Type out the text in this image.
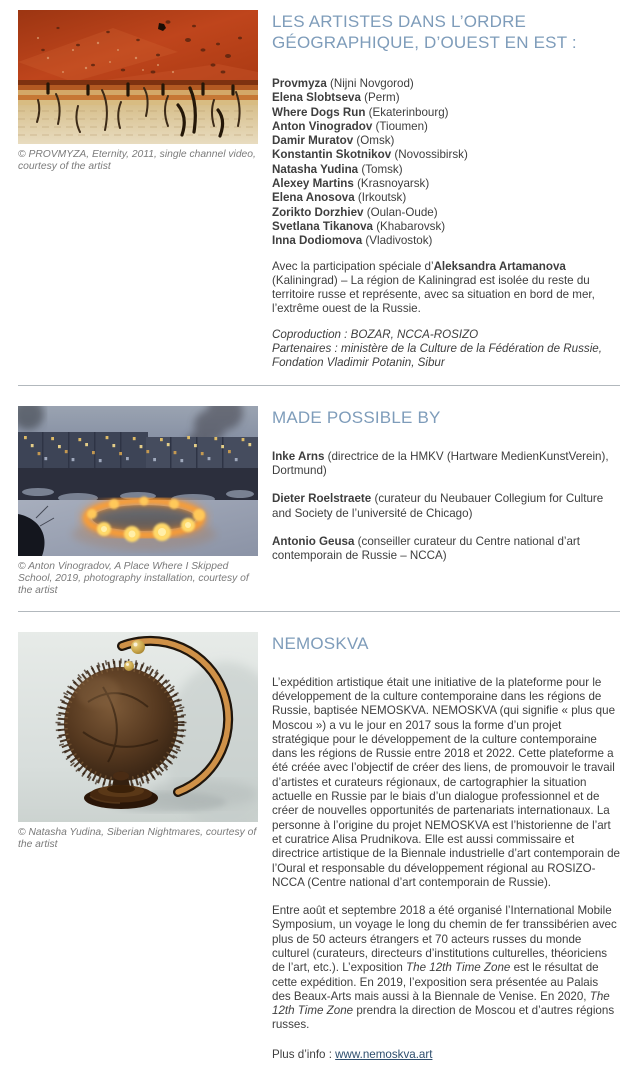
© PROVMYZA, Eternity, 2011, single channel video, courtesy of the artist
LES ARTISTES DANS L’ORDRE GÉOGRAPHIQUE, D’OUEST EN EST :
Provmyza (Nijni Novgorod)
Elena Slobtseva (Perm)
Where Dogs Run (Ekaterinbourg)
Anton Vinogradov (Tioumen)
Damir Muratov (Omsk)
Konstantin Skotnikov (Novossibirsk)
Natasha Yudina (Tomsk)
Alexey Martins (Krasnoyarsk)
Elena Anosova (Irkoutsk)
Zorikto Dorzhiev (Oulan-Oude)
Svetlana Tikanova (Khabarovsk)
Inna Dodiomova (Vladivostok)

Avec la participation spéciale d’Aleksandra Artamanova (Kaliningrad) – La région de Kaliningrad est isolée du reste du territoire russe et représente, avec sa situation en bord de mer, l’extrême ouest de la Russie.

Coproduction : BOZAR, NCCA-ROSIZO
Partenaires : ministère de la Culture de la Fédération de Russie, Fondation Vladimir Potanin, Sibur
© Anton Vinogradov, A Place Where I Skipped School, 2019, photography installation, courtesy of the artist
MADE POSSIBLE BY

Inke Arns (directrice de la HMKV (Hartware MedienKunstVerein), Dortmund)

Dieter Roelstraete (curateur du Neubauer Collegium for Culture and Society de l’université de Chicago)

Antonio Geusa (conseiller curateur du Centre national d’art contemporain de Russie – NCCA)

© Natasha Yudina, Siberian Nightmares, courtesy of the artist
NEMOSKVA

L’expédition artistique était une initiative de la plateforme pour le développement de la culture contemporaine dans les régions de Russie, baptisée NEMOSKVA. NEMOSKVA (qui signifie « plus que Moscou ») a vu le jour en 2017 sous la forme d’un projet stratégique pour le développement de la culture contemporaine dans les régions de Russie entre 2018 et 2022. Cette plateforme a été créée avec l’objectif de créer des liens, de promouvoir le travail d’artistes et curateurs régionaux, de cartographier la situation actuelle en Russie par le biais d’un dialogue professionnel et de créer de nouvelles opportunités de partenariats internationaux. La personne à l’origine du projet NEMOSKVA est l’historienne de l’art et curatrice Alisa Prudnikova. Elle est aussi commissaire et directrice artistique de la Biennale industrielle d’art contemporain de l’Oural et responsable du développement régional au ROSIZO-NCCA (Centre national d’art contemporain de Russie).

Entre août et septembre 2018 a été organisé l’International Mobile Symposium, un voyage le long du chemin de fer transsibérien avec plus de 50 acteurs étrangers et 70 acteurs russes du monde culturel (curateurs, directeurs d’institutions culturelles, théoriciens de l’art, etc.). L’exposition The 12th Time Zone est le résultat de cette expédition. En 2019, l’exposition sera présentée au Palais des Beaux-Arts mais aussi à la Biennale de Venise. En 2020, The 12th Time Zone prendra la direction de Moscou et d’autres régions russes.

Plus d’info : www.nemoskva.art
